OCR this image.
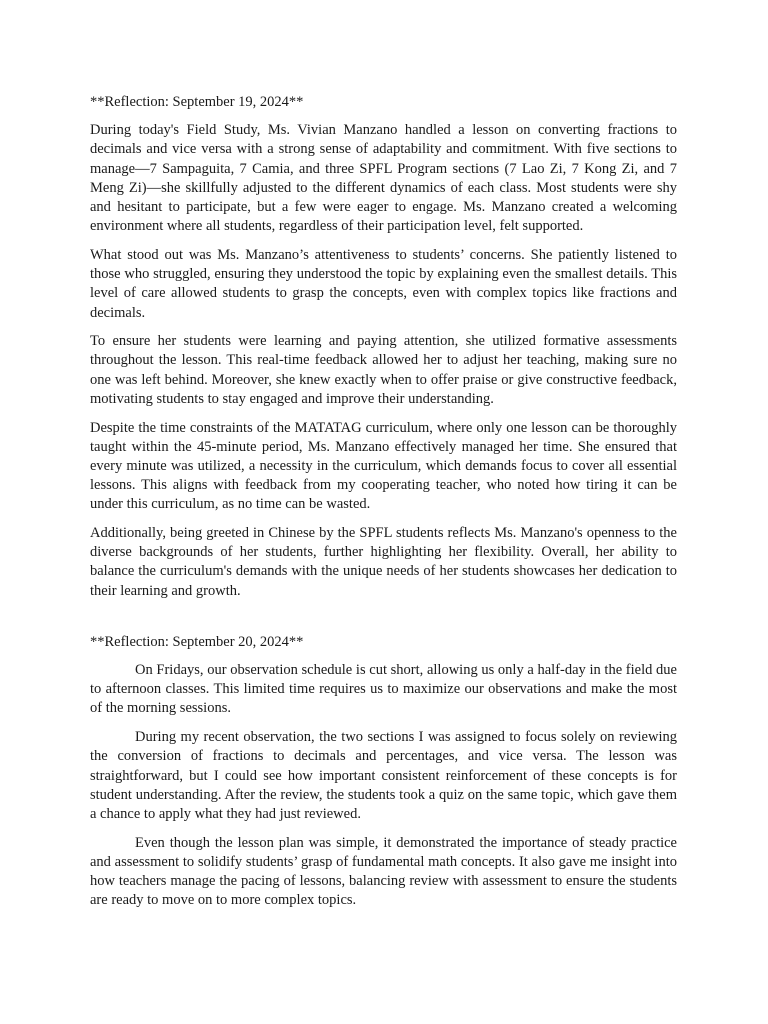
**Reflection: September 19, 2024**

During today's Field Study, Ms. Vivian Manzano handled a lesson on converting fractions to decimals and vice versa with a strong sense of adaptability and commitment. With five sections to manage—7 Sampaguita, 7 Camia, and three SPFL Program sections (7 Lao Zi, 7 Kong Zi, and 7 Meng Zi)—she skillfully adjusted to the different dynamics of each class. Most students were shy and hesitant to participate, but a few were eager to engage. Ms. Manzano created a welcoming environment where all students, regardless of their participation level, felt supported.

What stood out was Ms. Manzano’s attentiveness to students’ concerns. She patiently listened to those who struggled, ensuring they understood the topic by explaining even the smallest details. This level of care allowed students to grasp the concepts, even with complex topics like fractions and decimals.

To ensure her students were learning and paying attention, she utilized formative assessments throughout the lesson. This real-time feedback allowed her to adjust her teaching, making sure no one was left behind. Moreover, she knew exactly when to offer praise or give constructive feedback, motivating students to stay engaged and improve their understanding.

Despite the time constraints of the MATATAG curriculum, where only one lesson can be thoroughly taught within the 45-minute period, Ms. Manzano effectively managed her time. She ensured that every minute was utilized, a necessity in the curriculum, which demands focus to cover all essential lessons. This aligns with feedback from my cooperating teacher, who noted how tiring it can be under this curriculum, as no time can be wasted.

Additionally, being greeted in Chinese by the SPFL students reflects Ms. Manzano's openness to the diverse backgrounds of her students, further highlighting her flexibility. Overall, her ability to balance the curriculum's demands with the unique needs of her students showcases her dedication to their learning and growth.

**Reflection: September 20, 2024**

On Fridays, our observation schedule is cut short, allowing us only a half-day in the field due to afternoon classes. This limited time requires us to maximize our observations and make the most of the morning sessions.

During my recent observation, the two sections I was assigned to focus solely on reviewing the conversion of fractions to decimals and percentages, and vice versa. The lesson was straightforward, but I could see how important consistent reinforcement of these concepts is for student understanding. After the review, the students took a quiz on the same topic, which gave them a chance to apply what they had just reviewed.

Even though the lesson plan was simple, it demonstrated the importance of steady practice and assessment to solidify students’ grasp of fundamental math concepts. It also gave me insight into how teachers manage the pacing of lessons, balancing review with assessment to ensure the students are ready to move on to more complex topics.
